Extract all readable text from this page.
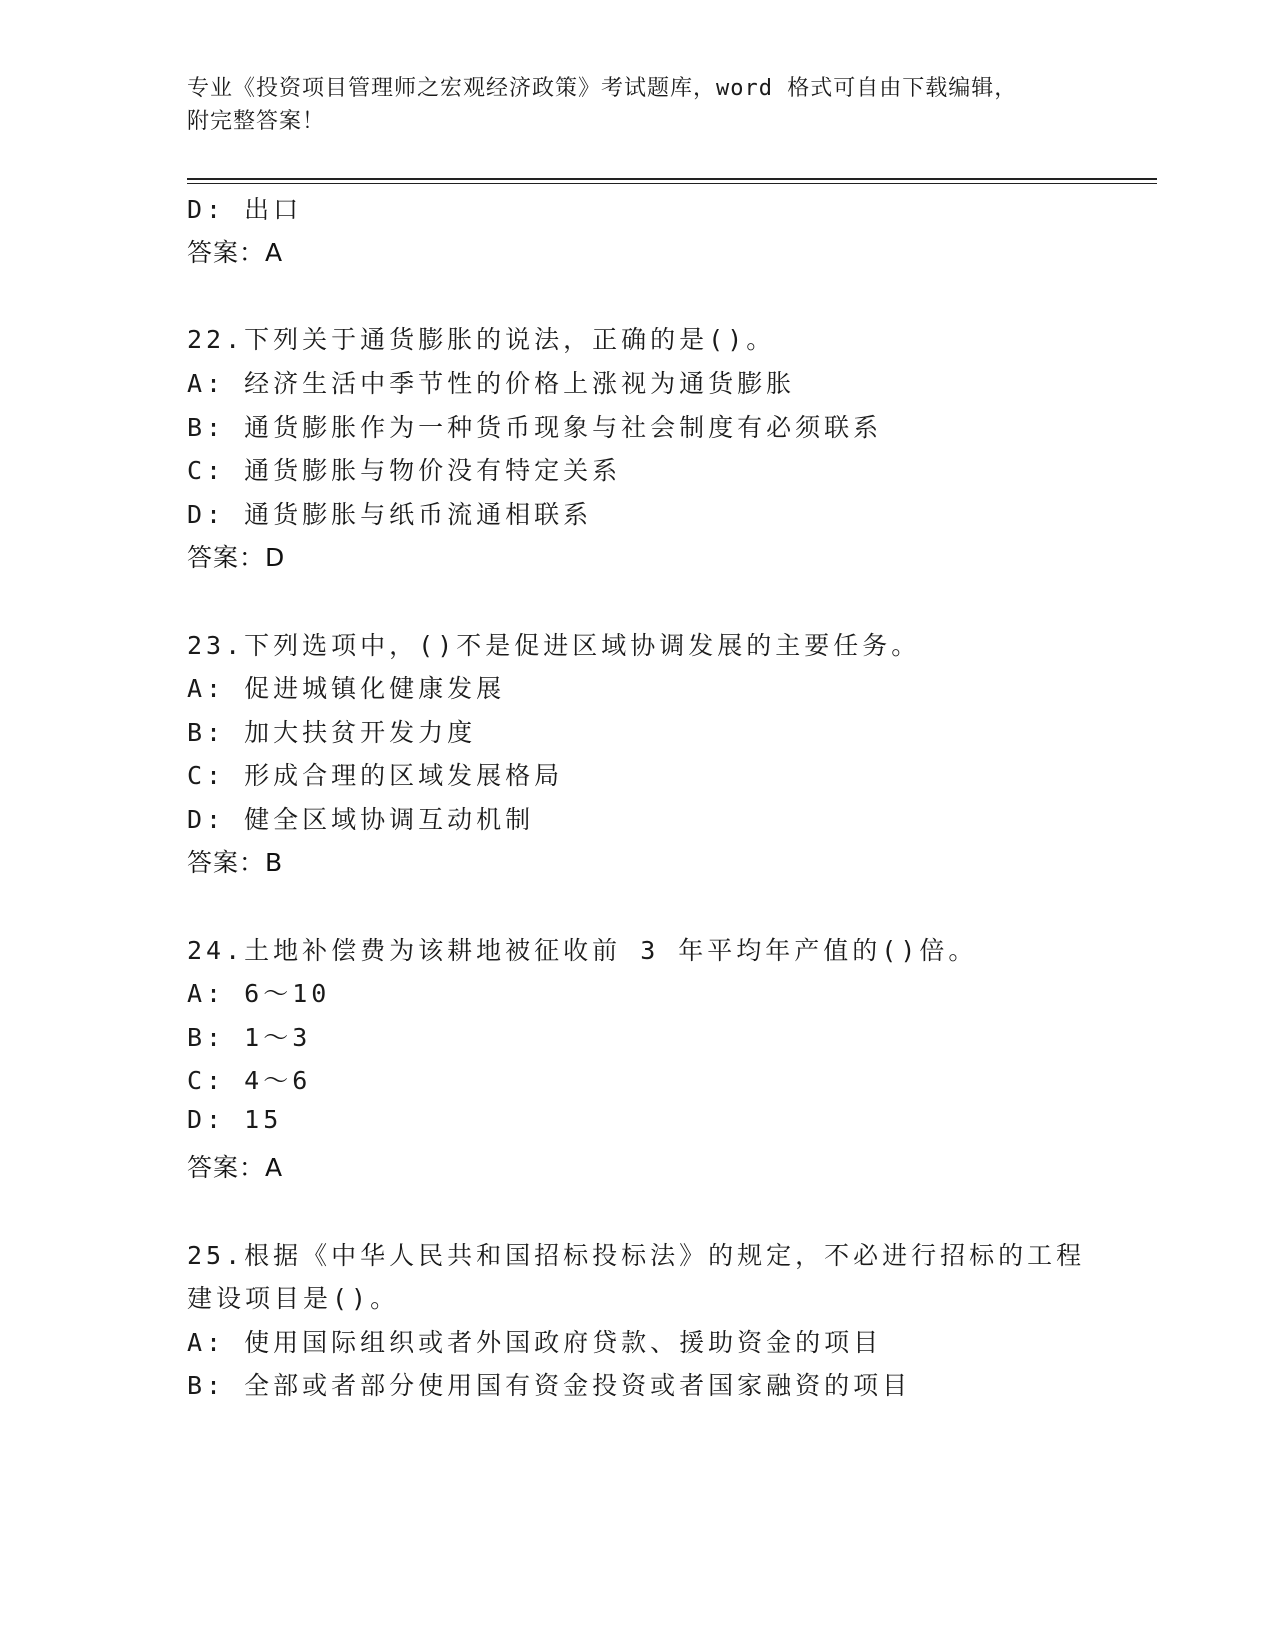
专业《投资项目管理师之宏观经济政策》考试题库，word 格式可自由下载编辑，
附完整答案！
D: 出口
答案：A
22.下列关于通货膨胀的说法，正确的是()。
A: 经济生活中季节性的价格上涨视为通货膨胀
B: 通货膨胀作为一种货币现象与社会制度有必须联系
C: 通货膨胀与物价没有特定关系
D: 通货膨胀与纸币流通相联系
答案：D
23.下列选项中，()不是促进区域协调发展的主要任务。
A: 促进城镇化健康发展
B: 加大扶贫开发力度
C: 形成合理的区域发展格局
D: 健全区域协调互动机制
答案：B
24.土地补偿费为该耕地被征收前 3 年平均年产值的()倍。
A: 6～10
B: 1～3
C: 4～6
D: 15
答案：A
25.根据《中华人民共和国招标投标法》的规定，不必进行招标的工程
建设项目是()。
A: 使用国际组织或者外国政府贷款、援助资金的项目
B: 全部或者部分使用国有资金投资或者国家融资的项目
